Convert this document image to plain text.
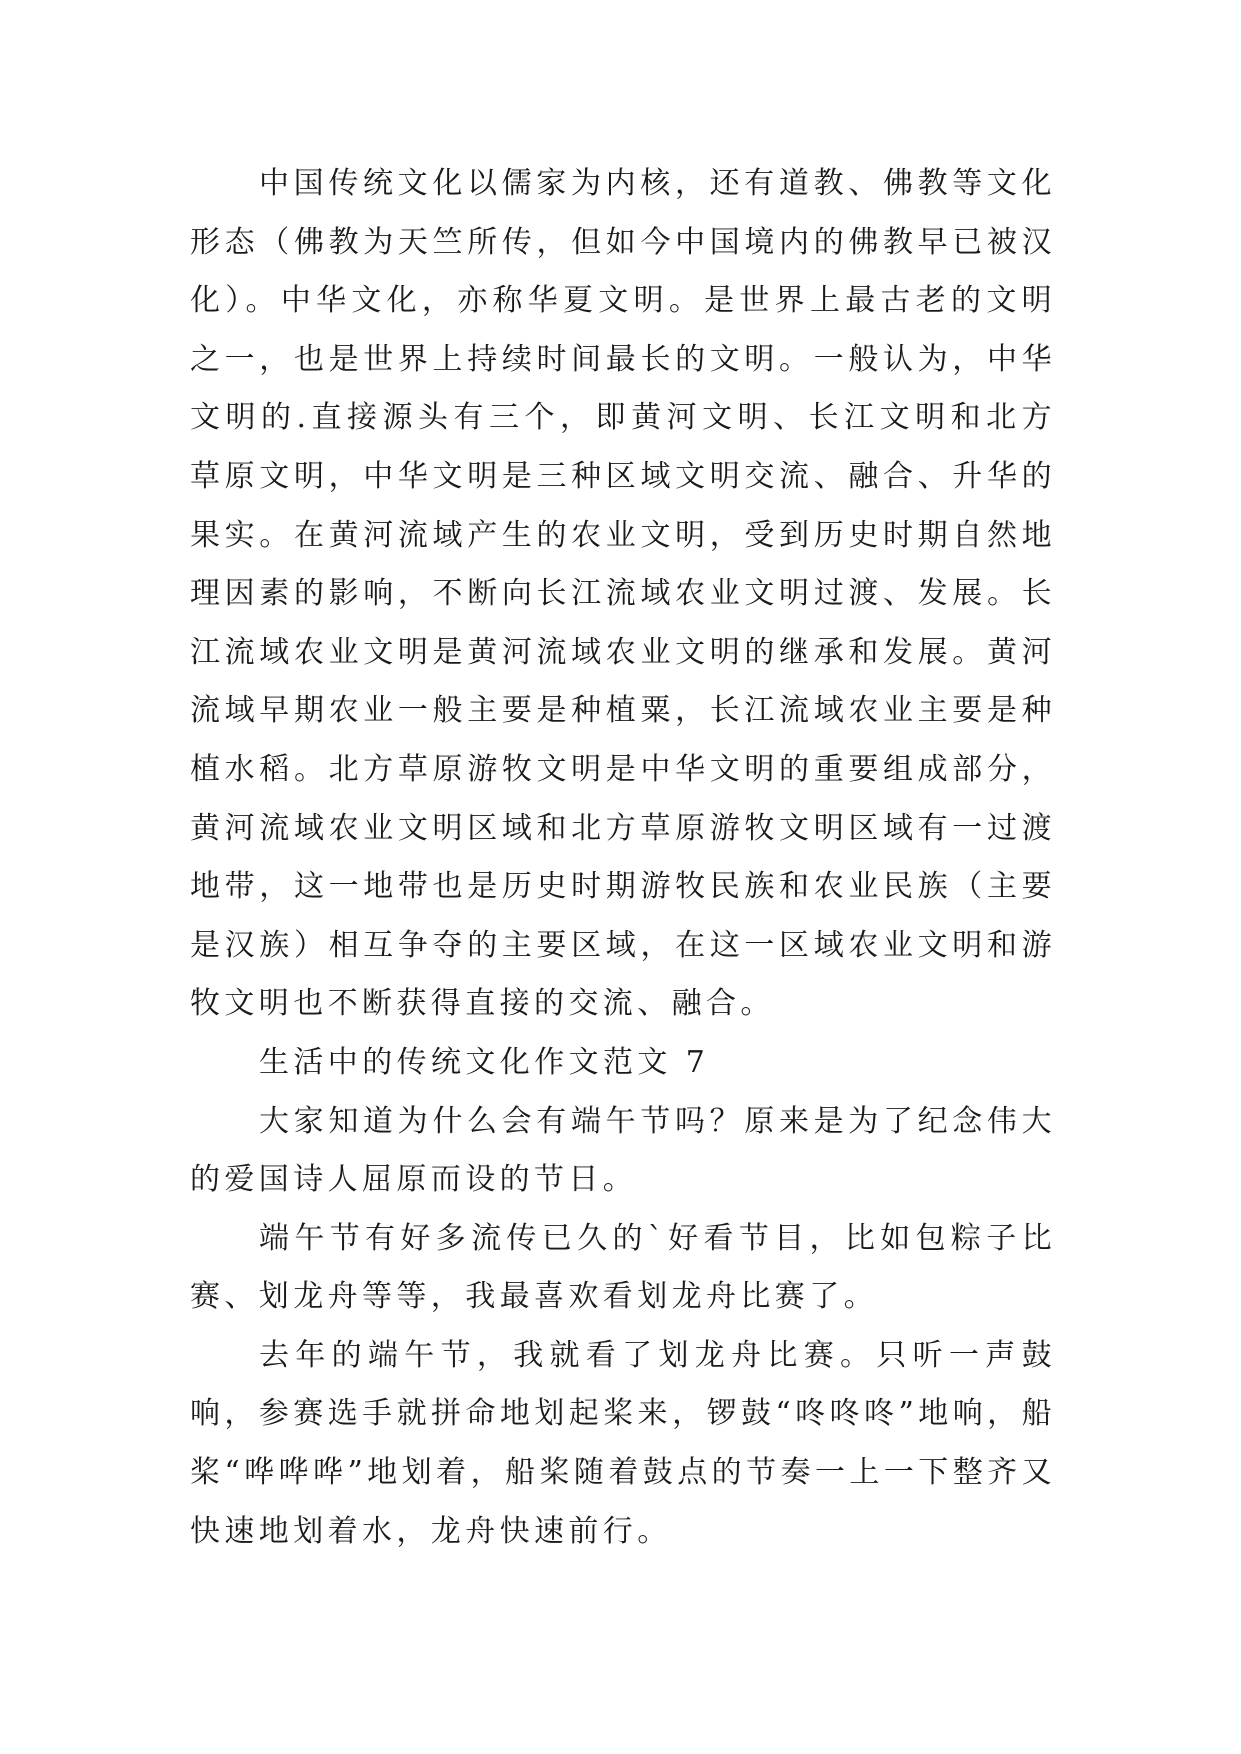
中国传统文化以儒家为内核，还有道教、佛教等文化形态（佛教为天竺所传，但如今中国境内的佛教早已被汉化）。中华文化，亦称华夏文明。是世界上最古老的文明之一，也是世界上持续时间最长的文明。一般认为，中华文明的.直接源头有三个，即黄河文明、长江文明和北方草原文明，中华文明是三种区域文明交流、融合、升华的果实。在黄河流域产生的农业文明，受到历史时期自然地理因素的影响，不断向长江流域农业文明过渡、发展。长江流域农业文明是黄河流域农业文明的继承和发展。黄河流域早期农业一般主要是种植粟，长江流域农业主要是种植水稻。北方草原游牧文明是中华文明的重要组成部分，黄河流域农业文明区域和北方草原游牧文明区域有一过渡地带，这一地带也是历史时期游牧民族和农业民族（主要是汉族）相互争夺的主要区域，在这一区域农业文明和游牧文明也不断获得直接的交流、融合。

生活中的传统文化作文范文 7

大家知道为什么会有端午节吗？原来是为了纪念伟大的爱国诗人屈原而设的节日。

端午节有好多流传已久的`好看节目，比如包粽子比赛、划龙舟等等，我最喜欢看划龙舟比赛了。

去年的端午节，我就看了划龙舟比赛。只听一声鼓响，参赛选手就拼命地划起桨来，锣鼓“咚咚咚”地响，船桨“哗哗哗”地划着，船桨随着鼓点的节奏一上一下整齐又快速地划着水，龙舟快速前行。
